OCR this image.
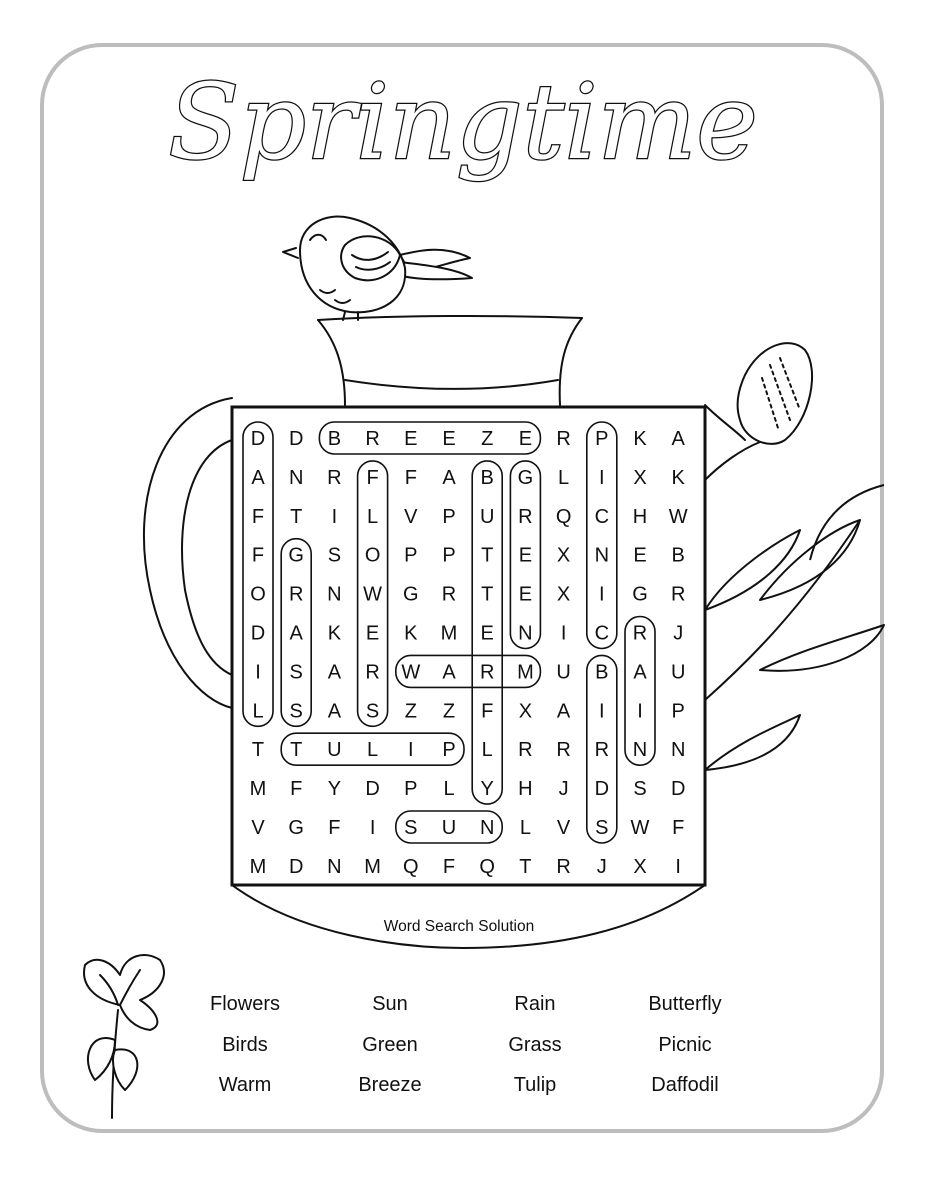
Springtime
D D B R E E Z E R P K A
A N R F F A B G L I X K
F T I L V P U R Q C H W
F G S O P P T E X N E B
O R N W G R T E X I G R
D A K E K M E N I C R J
I S A R W A R M U B A U
L S A S Z Z F X A I I P
T T U L I P L R R R N N
M F Y D P L Y H J D S D
V G F I S U N L V S W F
M D N M Q F Q T R J X I
Word Search Solution
Flowers	Sun	Rain	Butterfly
Birds	Green	Grass	Picnic
Warm	Breeze	Tulip	Daffodil
